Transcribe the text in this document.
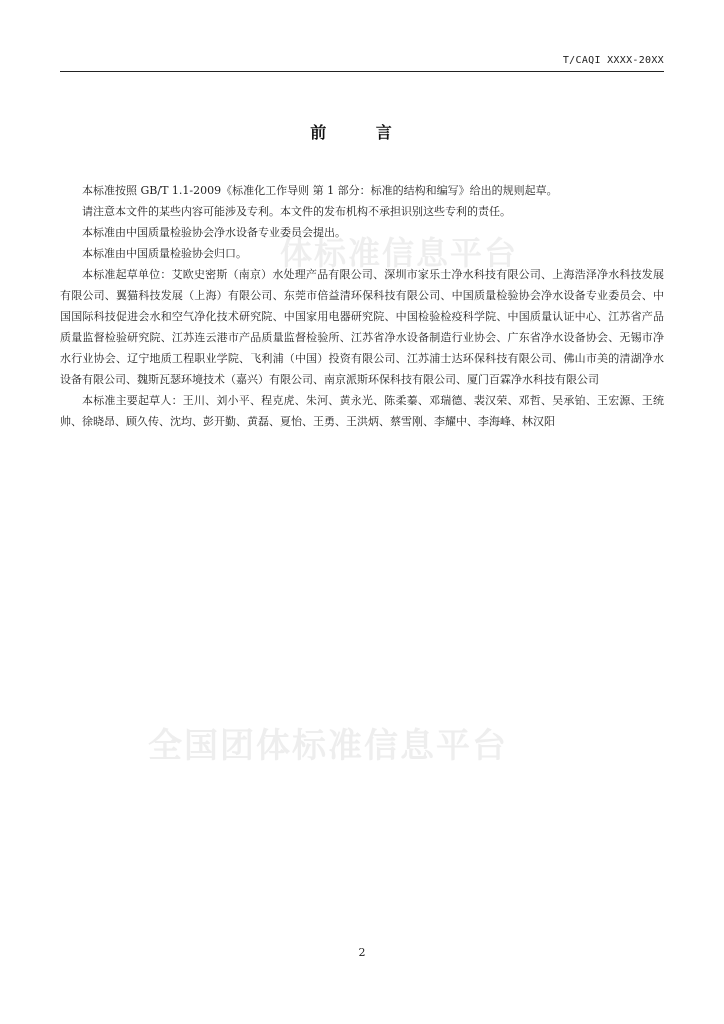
T/CAQI XXXX-20XX
体标准信息平台
全国团体标准信息平台
前 言

本标准按照 GB/T 1.1-2009《标准化工作导则 第 1 部分：标准的结构和编写》给出的规则起草。

请注意本文件的某些内容可能涉及专利。本文件的发布机构不承担识别这些专利的责任。

本标准由中国质量检验协会净水设备专业委员会提出。

本标准由中国质量检验协会归口。

本标准起草单位：艾欧史密斯（南京）水处理产品有限公司、深圳市家乐士净水科技有限公司、上海浩泽净水科技发展有限公司、翼猫科技发展（上海）有限公司、东莞市倍益清环保科技有限公司、中国质量检验协会净水设备专业委员会、中国国际科技促进会水和空气净化技术研究院、中国家用电器研究院、中国检验检疫科学院、中国质量认证中心、江苏省产品质量监督检验研究院、江苏连云港市产品质量监督检验所、江苏省净水设备制造行业协会、广东省净水设备协会、无锡市净水行业协会、辽宁地质工程职业学院、飞利浦（中国）投资有限公司、江苏浦士达环保科技有限公司、佛山市美的清湖净水设备有限公司、魏斯瓦瑟环境技术（嘉兴）有限公司、南京派斯环保科技有限公司、厦门百霖净水科技有限公司

本标准主要起草人：王川、刘小平、程克虎、朱河、黄永光、陈柔蓁、邓瑞德、裴汉荣、邓哲、吴承铂、王宏源、王统帅、徐晓昂、顾久传、沈均、彭开勤、黄磊、夏怡、王勇、王洪炳、蔡雪刚、李耀中、李海峰、林汉阳

2
